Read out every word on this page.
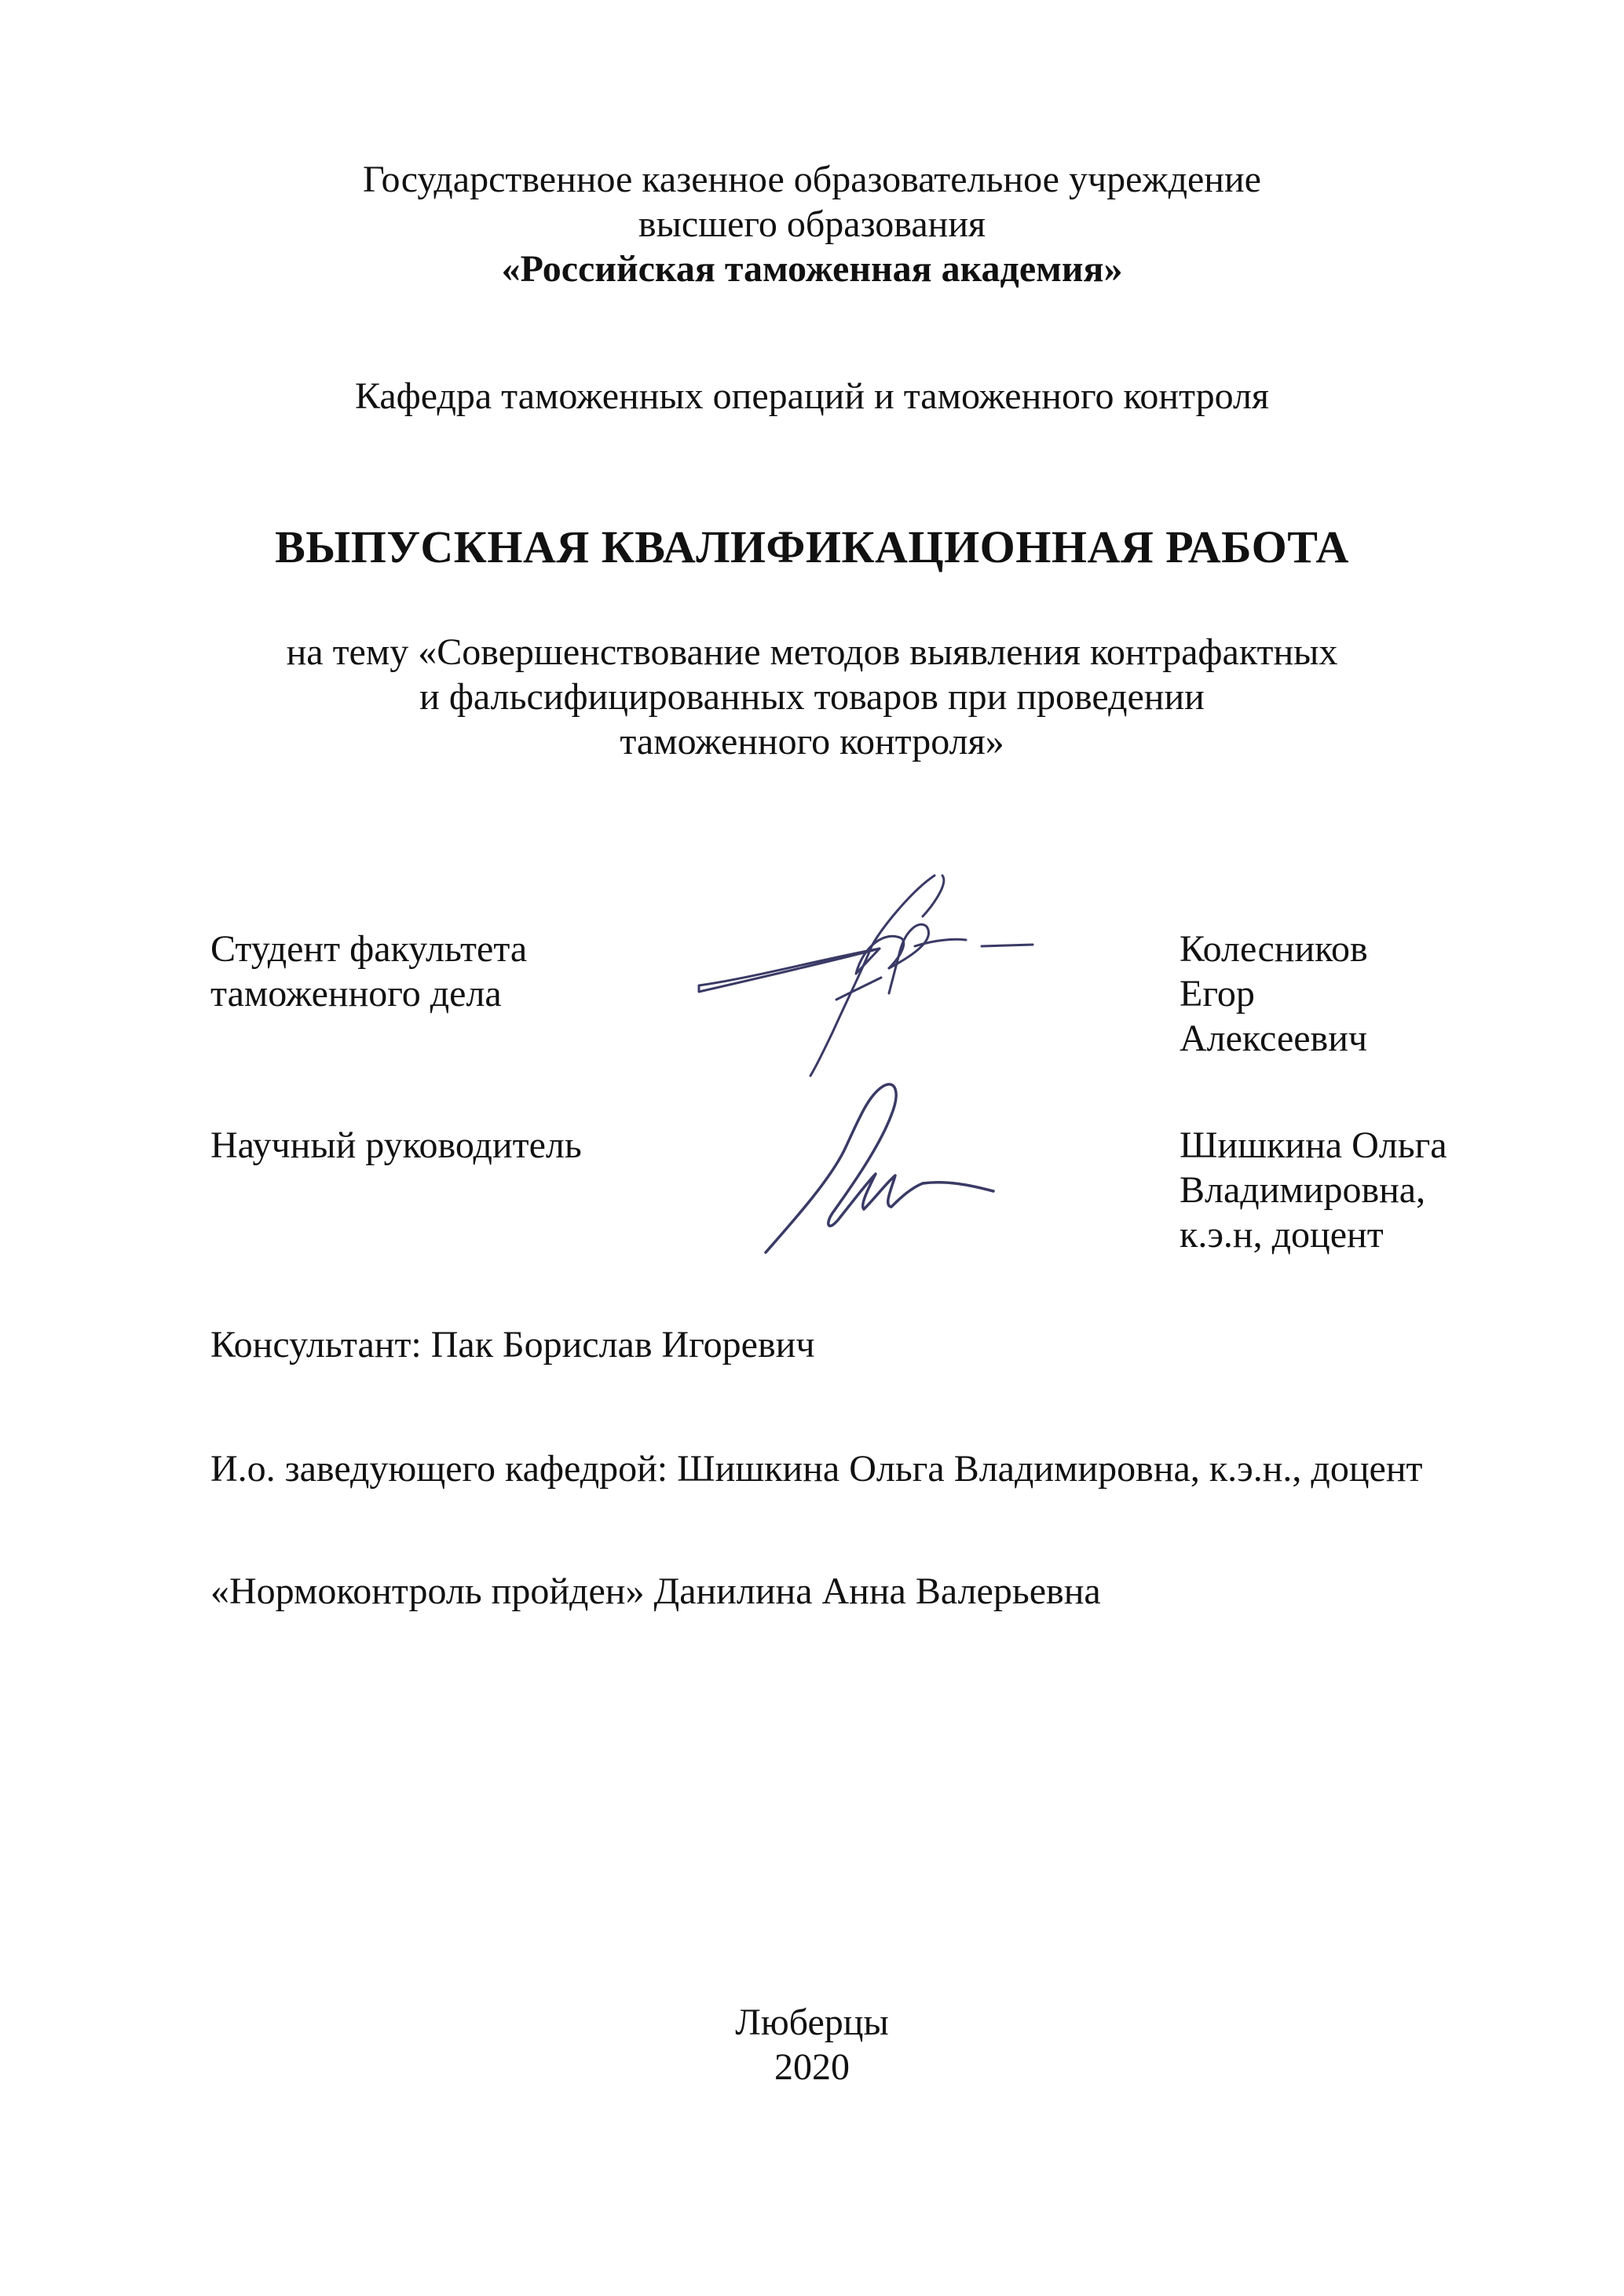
Государственное казенное образовательное учреждение
высшего образования
«Российская таможенная академия»
Кафедра таможенных операций и таможенного контроля
ВЫПУСКНАЯ КВАЛИФИКАЦИОННАЯ РАБОТА
на тему «Совершенствование методов выявления контрафактных
и фальсифицированных товаров при проведении
таможенного контроля»
Студент факультета
таможенного дела
Колесников
Егор
Алексеевич
Научный руководитель	Шишкина Ольга
Владимировна,
к.э.н, доцент
Консультант: Пак Борислав Игоревич
И.о. заведующего кафедрой: Шишкина Ольга Владимировна, к.э.н., доцент
«Нормоконтроль пройден» Данилина Анна Валерьевна
Люберцы
2020
